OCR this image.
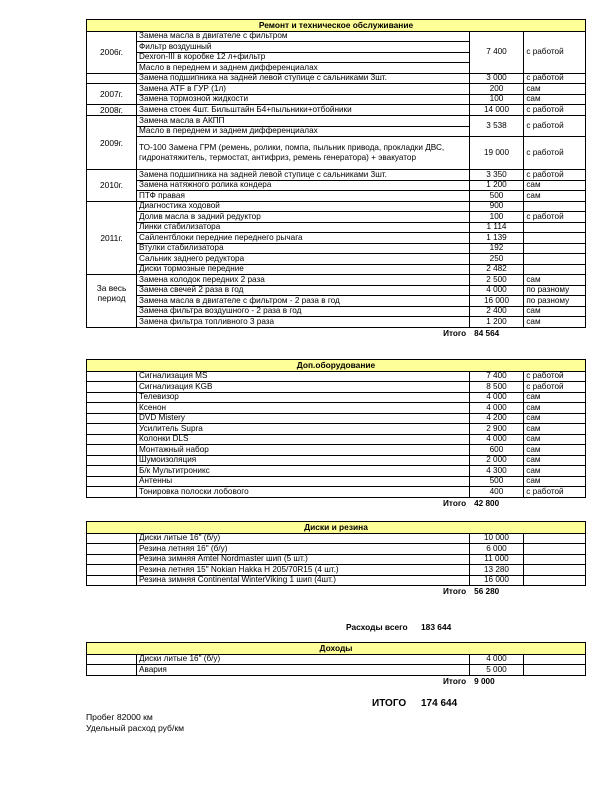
Ремонт и техническое обслуживание			
2006г.	Замена масла в двигателе с фильтром	7 400	с работой
	Фильтр воздушный		
	Dexron-III в коробке 12 л+фильтр		
	Масло в переднем и заднем дифференциалах		
	Замена подшипника на задней левой ступице с сальниками 3шт.	3 000	с работой
2007г.	Замена ATF в ГУР (1л)	200	сам
	Замена тормозной жидкости	100	сам
2008г.	Замена стоек 4шт. Бильштайн Б4+пыльники+отбойники	14 000	с работой
2009г.	Замена масла в АКПП	3 538	с работой
	Масло в переднем и заднем дифференциалах		
	ТО-100 Замена ГРМ (ремень, ролики, помпа, пыльник привода, прокладки ДВС, гидронатяжитель, термостат, антифриз, ремень генератора) + эвакуатор	19 000	с работой
2010г.	Замена подшипника на задней левой ступице с сальниками 3шт.	3 350	с работой
	Замена натяжного ролика кондера	1 200	сам
	ПТФ правая	500	сам
2011г.	Диагностика ходовой	900	
	Долив масла в задний редуктор	100	с работой
	Линки стабилизатора	1 114	
	Сайлентблоки передние переднего рычага	1 139	
	Втулки стабилизатора	192	
	Сальник заднего редуктора	250	
	Диски тормозные передние	2 482	
За весь период	Замена колодок передних 2 раза	2 500	сам
	Замена свечей 2 раза в год	4 000	по разному
	Замена масла в двигателе с фильтром - 2 раза в год	16 000	по разному
	Замена фильтра воздушного - 2 раза в год	2 400	сам
	Замена фильтра топливного 3 раза	1 200	сам
	Итого	84 564	
Доп.оборудование			
	Сигнализация MS	7 400	с работой
	Сигнализация KGB	8 500	с работой
	Телевизор	4 000	сам
	Ксенон	4 000	сам
	DVD Mistery	4 200	сам
	Усилитель Supra	2 900	сам
	Колонки DLS	4 000	сам
	Монтажный набор	600	сам
	Шумоизоляция	2 000	сам
	Б/к Мультитроникс	4 300	сам
	Антенны	500	сам
	Тонировка полоски лобового	400	с работой
	Итого	42 800	
Диски и резина			
	Диски литые 16" (б/у)	10 000	
	Резина летняя 16" (б/у)	6 000	
	Резина зимняя Amtel Nordmaster шип (5 шт.)	11 000	
	Резина летняя 15" Nokian Hakka H 205/70R15 (4 шт.)	13 280	
	Резина зимняя Continental WinterViking 1 шип (4шт.)	16 000	
	Итого	56 280	
Расходы всего 183 644
Доходы			
	Диски литые 16" (б/у)	4 000	
	Авария	5 000	
	Итого	9 000	
ИТОГО 174 644
Пробег 82000 км
Удельный расход руб/км
